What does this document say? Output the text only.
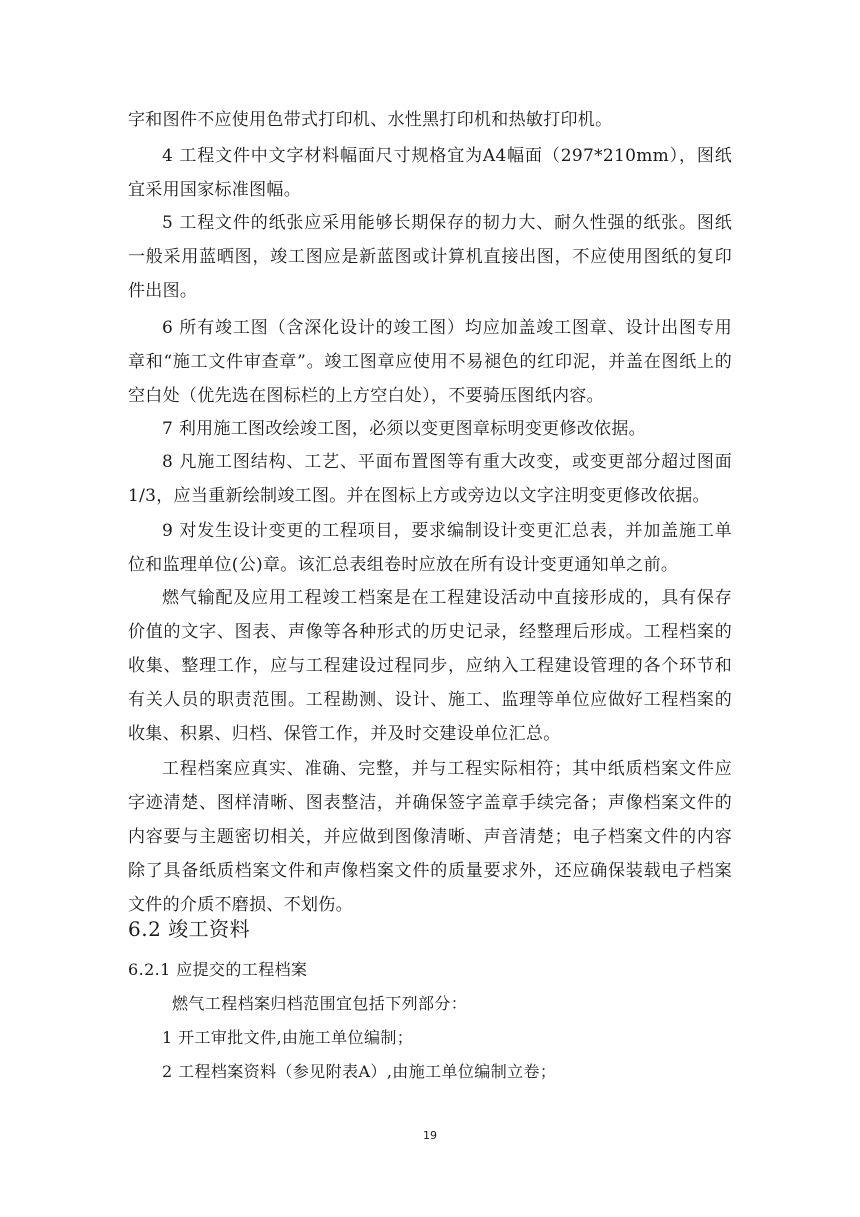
字和图件不应使用色带式打印机、水性黑打印机和热敏打印机。

4 工程文件中文字材料幅面尺寸规格宜为A4幅面（297*210mm），图纸宜采用国家标准图幅。

5 工程文件的纸张应采用能够长期保存的韧力大、耐久性强的纸张。图纸一般采用蓝晒图，竣工图应是新蓝图或计算机直接出图，不应使用图纸的复印件出图。

6 所有竣工图（含深化设计的竣工图）均应加盖竣工图章、设计出图专用章和“施工文件审查章”。竣工图章应使用不易褪色的红印泥，并盖在图纸上的空白处（优先选在图标栏的上方空白处），不要骑压图纸内容。

7 利用施工图改绘竣工图，必须以变更图章标明变更修改依据。

8 凡施工图结构、工艺、平面布置图等有重大改变，或变更部分超过图面1/3，应当重新绘制竣工图。并在图标上方或旁边以文字注明变更修改依据。

9 对发生设计变更的工程项目，要求编制设计变更汇总表，并加盖施工单位和监理单位(公)章。该汇总表组卷时应放在所有设计变更通知单之前。

燃气输配及应用工程竣工档案是在工程建设活动中直接形成的，具有保存价值的文字、图表、声像等各种形式的历史记录，经整理后形成。工程档案的收集、整理工作，应与工程建设过程同步，应纳入工程建设管理的各个环节和有关人员的职责范围。工程勘测、设计、施工、监理等单位应做好工程档案的收集、积累、归档、保管工作，并及时交建设单位汇总。

工程档案应真实、准确、完整，并与工程实际相符；其中纸质档案文件应字迹清楚、图样清晰、图表整洁，并确保签字盖章手续完备；声像档案文件的内容要与主题密切相关，并应做到图像清晰、声音清楚；电子档案文件的内容除了具备纸质档案文件和声像档案文件的质量要求外，还应确保装载电子档案文件的介质不磨损、不划伤。

6.2 竣工资料

6.2.1 应提交的工程档案

燃气工程档案归档范围宜包括下列部分：

1 开工审批文件,由施工单位编制；

2 工程档案资料（参见附表A）,由施工单位编制立卷；

19
